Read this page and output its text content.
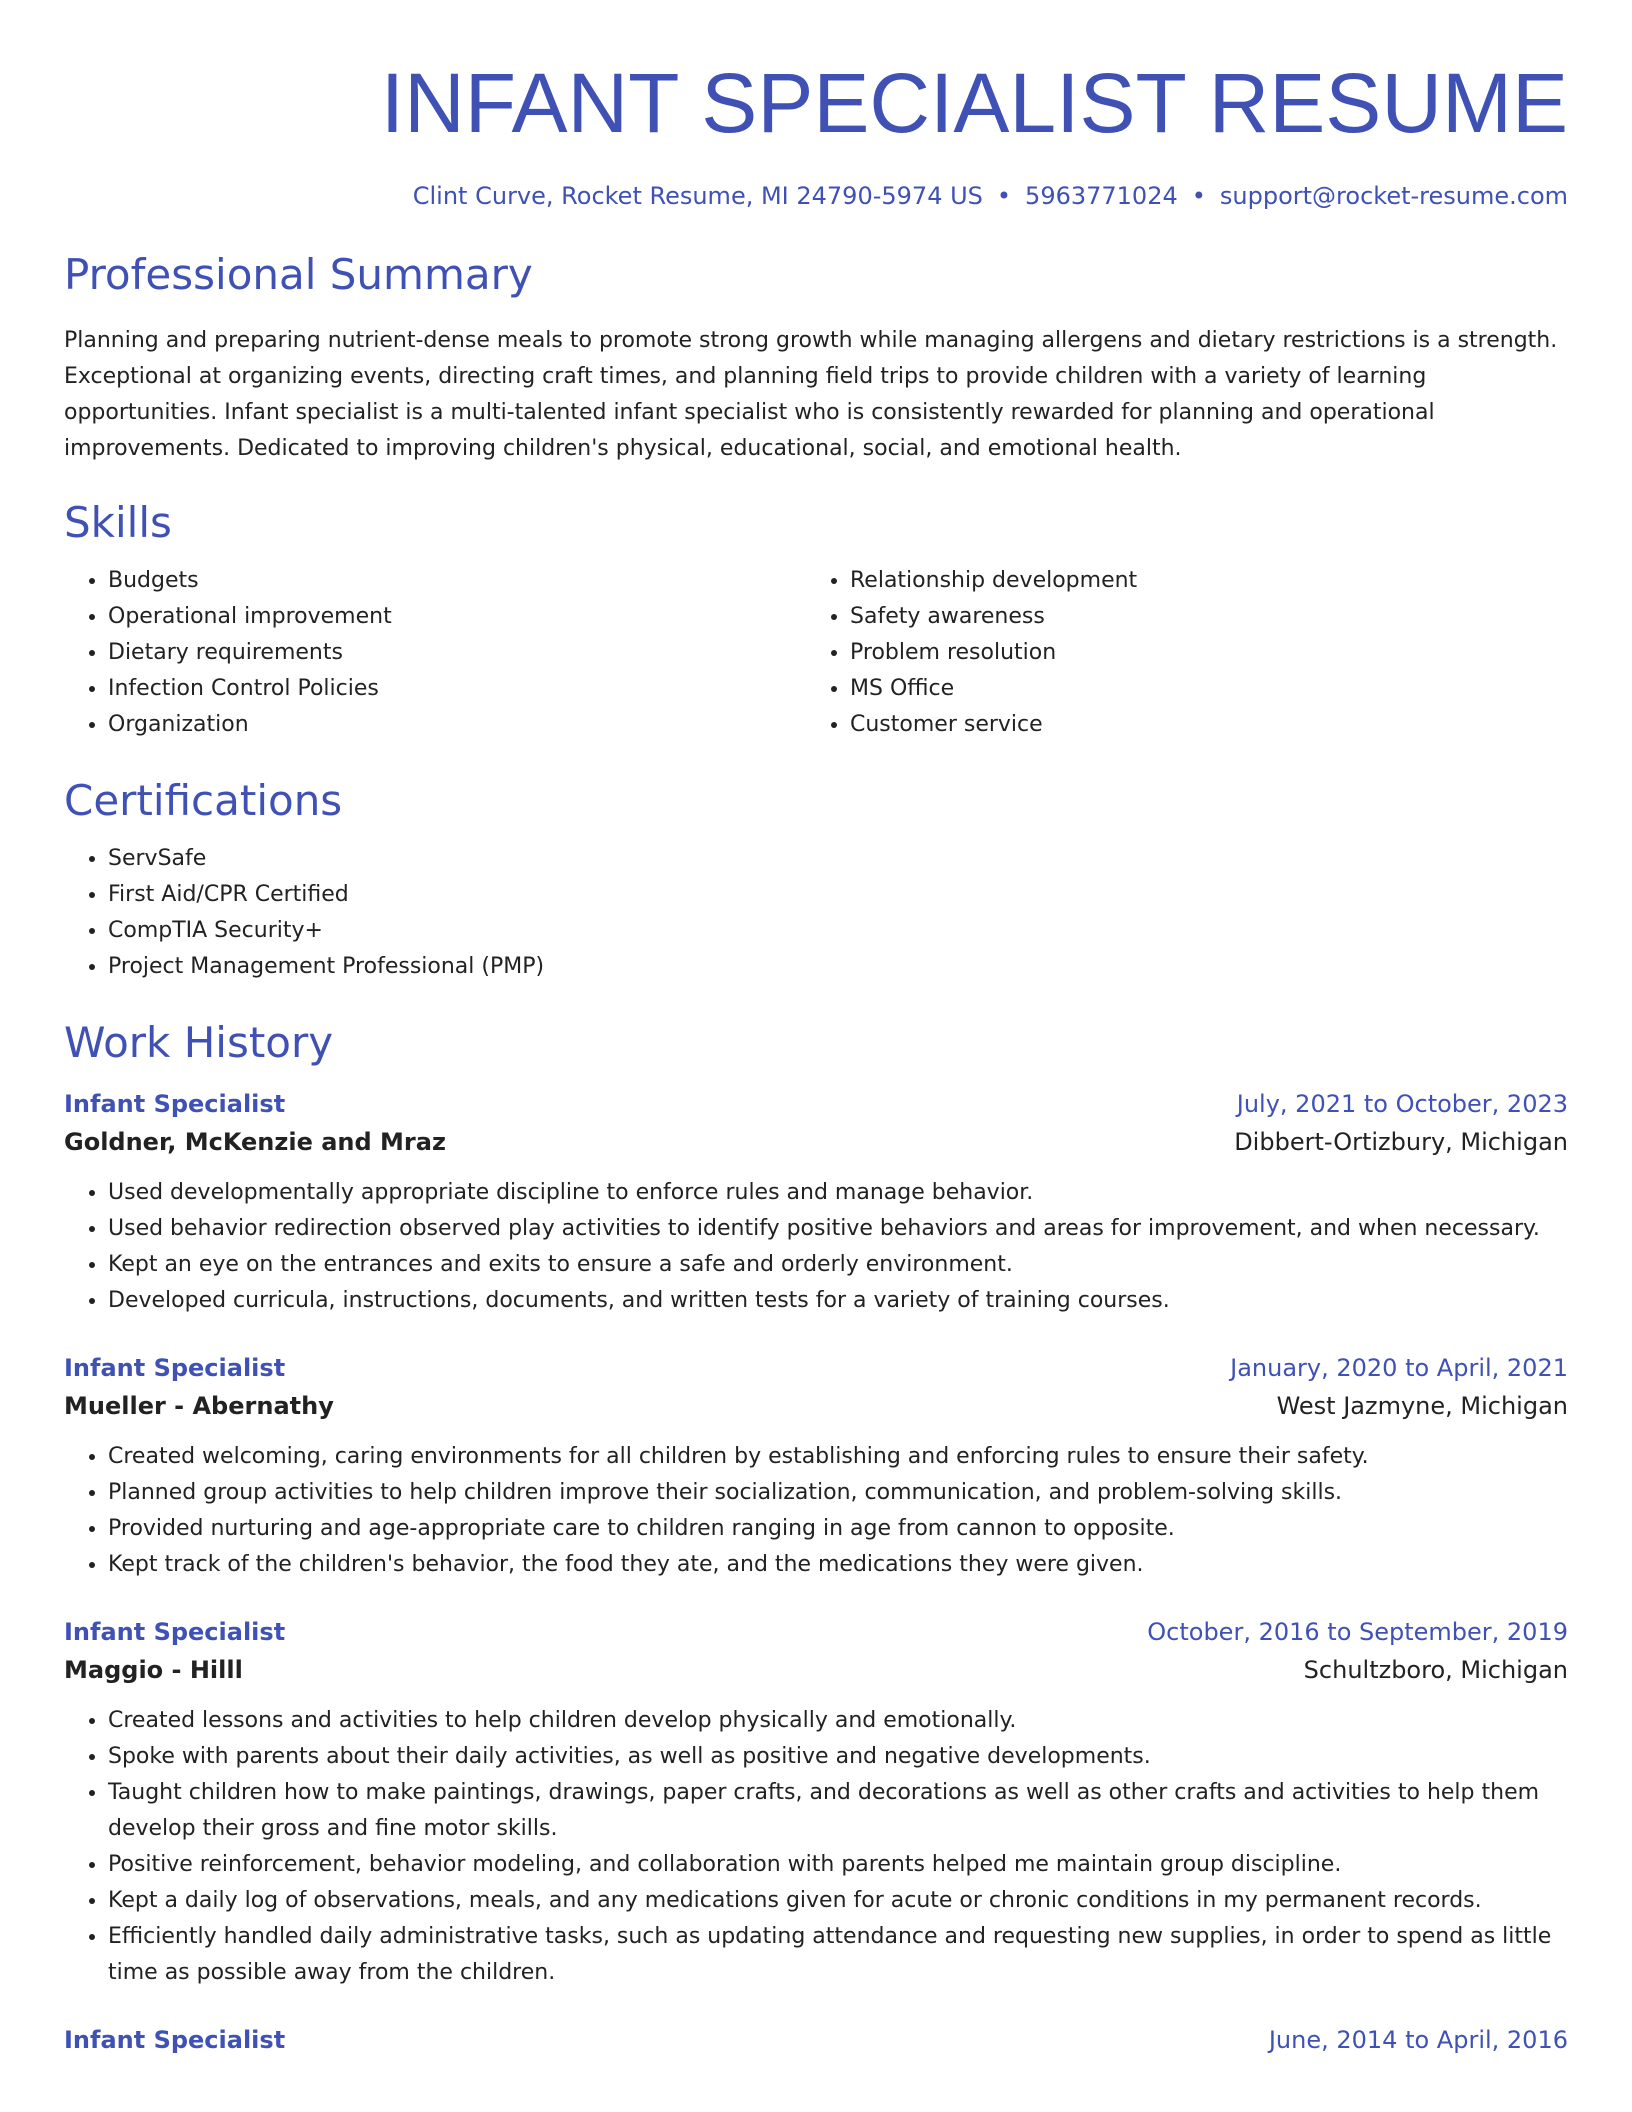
INFANT SPECIALIST RESUME
Clint Curve, Rocket Resume, MI 24790-5974 US • 5963771024 • support@rocket-resume.com
Professional Summary
Planning and preparing nutrient-dense meals to promote strong growth while managing allergens and dietary restrictions is a strength. Exceptional at organizing events, directing craft times, and planning field trips to provide children with a variety of learning opportunities. Infant specialist is a multi-talented infant specialist who is consistently rewarded for planning and operational improvements. Dedicated to improving children's physical, educational, social, and emotional health.
Skills
• Budgets
• Operational improvement
• Dietary requirements
• Infection Control Policies
• Organization
• Relationship development
• Safety awareness
• Problem resolution
• MS Office
• Customer service
Certifications
• ServSafe
• First Aid/CPR Certified
• CompTIA Security+
• Project Management Professional (PMP)
Work History
Infant Specialist	July, 2021 to October, 2023
Goldner, McKenzie and Mraz	Dibbert-Ortizbury, Michigan
• Used developmentally appropriate discipline to enforce rules and manage behavior.
• Used behavior redirection observed play activities to identify positive behaviors and areas for improvement, and when necessary.
• Kept an eye on the entrances and exits to ensure a safe and orderly environment.
• Developed curricula, instructions, documents, and written tests for a variety of training courses.
Infant Specialist	January, 2020 to April, 2021
Mueller - Abernathy	West Jazmyne, Michigan
• Created welcoming, caring environments for all children by establishing and enforcing rules to ensure their safety.
• Planned group activities to help children improve their socialization, communication, and problem-solving skills.
• Provided nurturing and age-appropriate care to children ranging in age from cannon to opposite.
• Kept track of the children's behavior, the food they ate, and the medications they were given.
Infant Specialist	October, 2016 to September, 2019
Maggio - Hilll	Schultzboro, Michigan
• Created lessons and activities to help children develop physically and emotionally.
• Spoke with parents about their daily activities, as well as positive and negative developments.
• Taught children how to make paintings, drawings, paper crafts, and decorations as well as other crafts and activities to help them develop their gross and fine motor skills.
• Positive reinforcement, behavior modeling, and collaboration with parents helped me maintain group discipline.
• Kept a daily log of observations, meals, and any medications given for acute or chronic conditions in my permanent records.
• Efficiently handled daily administrative tasks, such as updating attendance and requesting new supplies, in order to spend as little time as possible away from the children.
Infant Specialist	June, 2014 to April, 2016
